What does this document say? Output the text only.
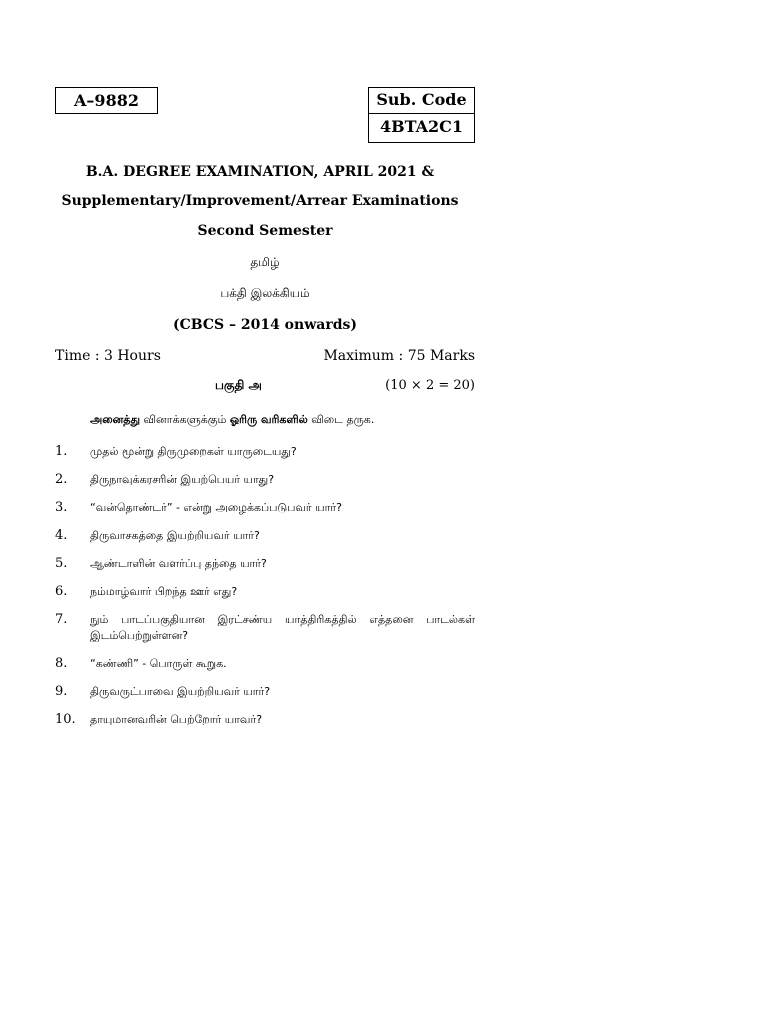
A–9882	Sub. Code
4BTA2C1
B.A. DEGREE EXAMINATION, APRIL 2021 &
Supplementary/Improvement/Arrear Examinations
Second Semester
தமிழ்
பக்தி இலக்கியம்
(CBCS – 2014 onwards)
Time : 3 Hours	Maximum : 75 Marks
பகுதி அ	(10 × 2 = 20)
அனைத்து வினாக்களுக்கும் ஓரிரு வரிகளில் விடை தருக.
1.	முதல் மூன்று திருமுறைகள் யாருடையது?
2.	திருநாவுக்கரசரின் இயற்பெயர் யாது?
3.	“வன்தொண்டர்” - என்று அழைக்கப்படுபவர் யார்?
4.	திருவாசகத்தை இயற்றியவர் யார்?
5.	ஆண்டாளின் வளர்ப்பு தந்தை யார்?
6.	நம்மாழ்வார் பிறந்த ஊர் எது?
7.	நும் பாடப்பகுதியான இரட்சண்ய யாத்திரிகத்தில் எத்தனை பாடல்கள் இடம்பெற்றுள்ளன?
8.	“கண்ணி” - பொருள் கூறுக.
9.	திருவருட்பாவை இயற்றியவர் யார்?
10.	தாயுமானவரின் பெற்றோர் யாவர்?
